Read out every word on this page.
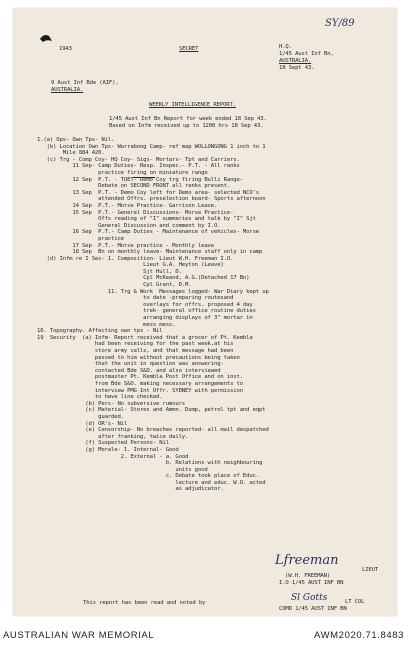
SY/89
1943	SECRET	H.Q.
1/45 Aust Inf Bn,
AUSTRALIA.
18 Sept 43.
9 Aust Inf Bde (AIF),
AUSTRALIA.
WEEKLY INTELLIGENCE REPORT.
1/45 Aust Inf Bn Report for week ended 18 Sep 43.
Based on Infm received up to 1200 hrs 18 Sep 43.
1.(a) Ops- Own Tps- Nil.
(b) Location Own Tps- Warrabong Camp- ref map WOLLONGONG 1 inch to 1
Mile 884 420.
(c) Trg - Comp Coy- HQ Coy- Sigs- Mortars- Tpt and Carriers.
11 Sep- Camp Duties- Resp. Inspec.- P.T. - All ranks
practice firing on miniature range
12 Sep  P.T. - TOET- Demo Coy trg firing Bulli Range-
Debate on SECOND FRONT all ranks present.
13 Sep  P.T. - Demo Coy left for Demo area- selected NCO's
attended Offrs. preselection board- Sports afternoon
14 Sep  P.T.- Morse Practice- Garrison Leave.
15 Sep  P.T.- General Discussions- Morse Practice-
Offs reading of "I" summaries and talk by "I" Sjt
General Discussion and comment by I.O.
16 Sep  P.T.- Camp Duties - Maintenance of vehicles- Morse
practice
17 Sep  P.T.- Morse practice - Monthly leave
18 Sep  Bn on monthly leave- Maintenance staff only in camp
(d) Infm re I Sec- 1. Composition- Lieut W.H. Freeman I.O.
Lieut G.A. Heyton (Leave)
Sjt Hull, D.
Cpl McKeand, A.G.(Detached 17 Bn)
Cpl Grant, D.M.
11. Trg & Work  Messages logged- War Diary kept up
to date -preparing routesand
overlays for offrs. proposed 4 day
trek- general office routine duties
arranging displays of 3" mortar in
mess mess.
16. Topography. Affecting own tps - Nil
19  Security  (a) Infm- Report received that a grocer of Pt. Kembla
had been receiving for the past week,at his
store army calls, and that message had been
passed to him without precautions being taken
that the unit in question was answering-
contacted Bde S&O. and also interviewed
postmaster Pt. Kembla Post Office and on inst.
from Bde S&O. making necessary arrangements to
interview PMG Int Offr. SYDNEY with permission
to have line checked.
(b) Pers- No subversive rumours
(c) Material- Stores and Ammn. Dump, petrol tpt and eqpt
guarded.
(d) OR's- Nil
(e) Censorship- No breaches reported- all mail despatched
after franking, twice daily.
(f) Suspected Persons- Nil
(g) Morale- 1. Internal- Good
2. External - a. Good
b. Relations with neighbouring
units good
c. Debate took place of Educ.
lecture and educ. W.O. acted
as adjudicator.
Lfreeman
LIEUT
(W.H. FREEMAN)
I.O 1/45 AUST INF BN
This report has been read and noted by	Sl Gotts	LT COL
COMD 1/45 AUST INF BN
AUSTRALIAN WAR MEMORIAL	AWM2020.71.8483
